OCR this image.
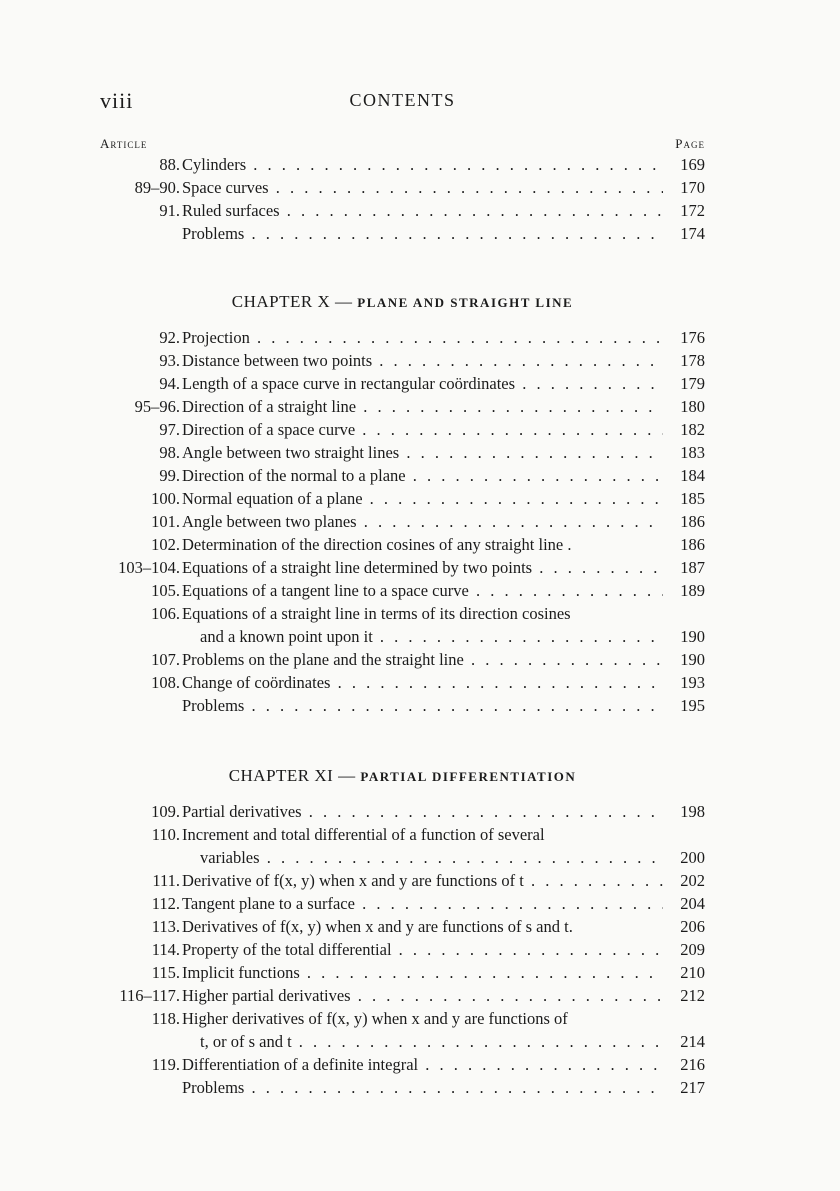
viii	CONTENTS
Article	Page
88. Cylinders . . .	169
89–90. Space curves . . .	170
91. Ruled surfaces . . .	172
Problems . . .	174
CHAPTER X — PLANE AND STRAIGHT LINE
92. Projection . . .	176
93. Distance between two points . . .	178
94. Length of a space curve in rectangular coördinates . . .	179
95–96. Direction of a straight line . . .	180
97. Direction of a space curve . . .	182
98. Angle between two straight lines . . .	183
99. Direction of the normal to a plane . . .	184
100. Normal equation of a plane . . .	185
101. Angle between two planes . . .	186
102. Determination of the direction cosines of any straight line .	186
103–104. Equations of a straight line determined by two points . . .	187
105. Equations of a tangent line to a space curve . . .	189
106. Equations of a straight line in terms of its direction cosines
and a known point upon it . . .	190
107. Problems on the plane and the straight line . . .	190
108. Change of coördinates . . .	193
Problems . . .	195
CHAPTER XI — PARTIAL DIFFERENTIATION
109. Partial derivatives . . .	198
110. Increment and total differential of a function of several
variables . . .	200
111. Derivative of f(x, y) when x and y are functions of t . . .	202
112. Tangent plane to a surface . . .	204
113. Derivatives of f(x, y) when x and y are functions of s and t.	206
114. Property of the total differential . . .	209
115. Implicit functions . . .	210
116–117. Higher partial derivatives . . .	212
118. Higher derivatives of f(x, y) when x and y are functions of
t, or of s and t . . .	214
119. Differentiation of a definite integral . . .	216
Problems . . .	217
